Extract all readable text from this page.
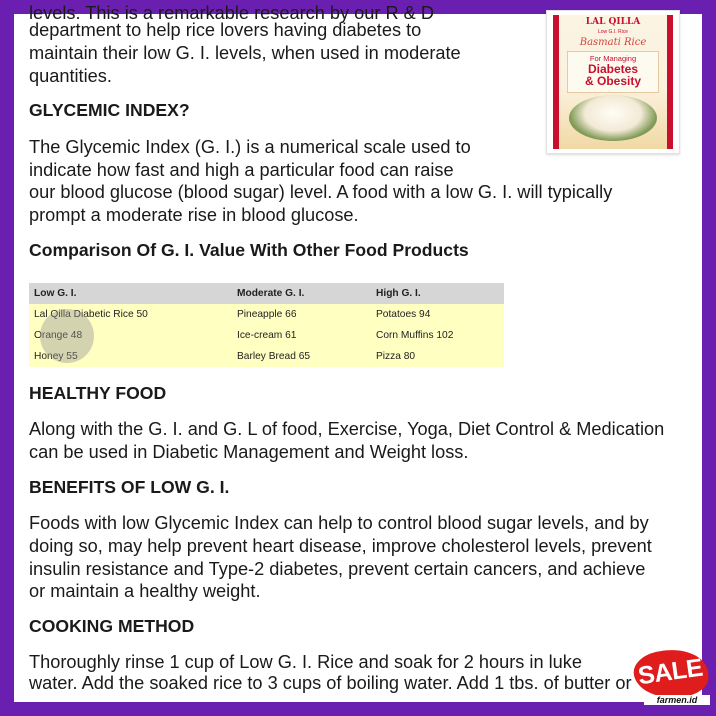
levels. This is a remarkable research by our R & D

department to help rice lovers having diabetes to

maintain their low G. I. levels, when used in moderate

quantities.

GLYCEMIC INDEX?

The Glycemic Index (G. I.) is a numerical scale used to

indicate how fast and high a particular food can raise

our blood glucose (blood sugar) level. A food with a low G. I. will typically

prompt a moderate rise in blood glucose.

Comparison Of G. I. Value With Other Food Products
Low G. I.	Moderate G. I.	High G. I.
Lal Qilla Diabetic Rice 50	Pineapple 66	Potatoes 94
Orange 48	Ice-cream 61	Corn Muffins 102
Honey 55	Barley Bread 65	Pizza 80
HEALTHY FOOD

Along with the G. I. and G. L of food, Exercise, Yoga, Diet Control & Medication

can be used in Diabetic Management and Weight loss.

BENEFITS OF LOW G. I.

Foods with low Glycemic Index can help to control blood sugar levels, and by

doing so, may help prevent heart disease, improve cholesterol levels, prevent

insulin resistance and Type-2 diabetes, prevent certain cancers, and achieve

or maintain a healthy weight.

COOKING METHOD

Thoroughly rinse 1 cup of Low G. I. Rice and soak for 2 hours in luke

water. Add the soaked rice to 3 cups of boiling water. Add 1 tbs. of butter or

LAL QILLA
Low G.I. Rice
Basmati Rice
For Managing
Diabetes
& Obesity
SALE
farmen.id
